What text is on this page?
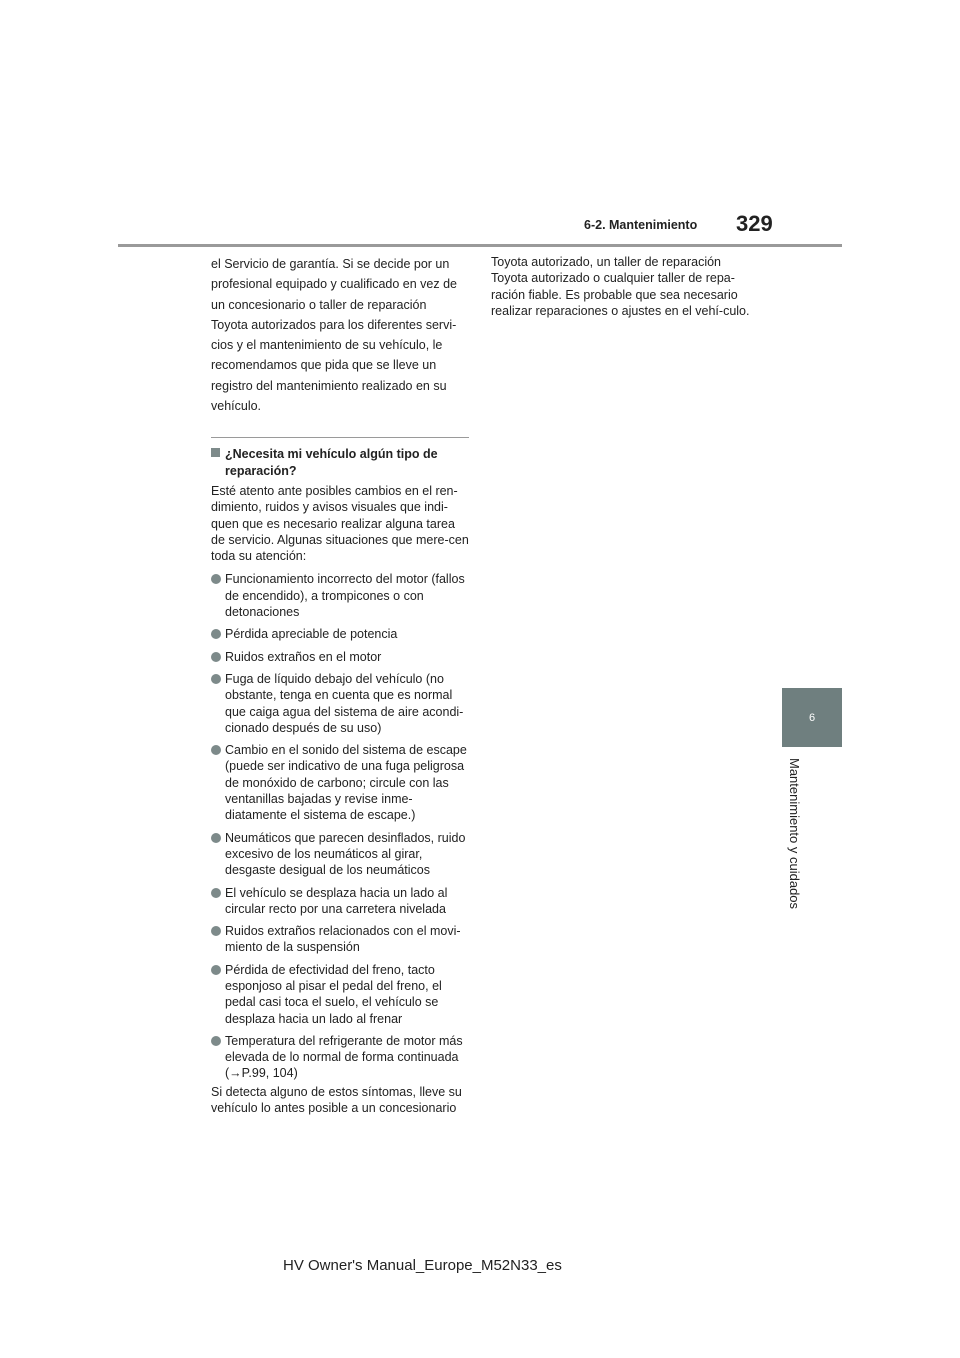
6-2. Mantenimiento 329
6
Mantenimiento y cuidados

el Servicio de garantía. Si se decide por un
profesional equipado y cualificado en vez de
un concesionario o taller de reparación
Toyota autorizados para los diferentes servi-
cios y el mantenimiento de su vehículo, le
recomendamos que pida que se lleve un
registro del mantenimiento realizado en su
vehículo.

¿Necesita mi vehículo algún tipo de reparación?

Esté atento ante posibles cambios en el ren-dimiento, ruidos y avisos visuales que indi-quen que es necesario realizar alguna tarea de servicio. Algunas situaciones que mere-cen toda su atención:

Funcionamiento incorrecto del motor (fallos de encendido), a trompicones o con detonaciones
Pérdida apreciable de potencia
Ruidos extraños en el motor
Fuga de líquido debajo del vehículo (no obstante, tenga en cuenta que es normal que caiga agua del sistema de aire acondi-cionado después de su uso)
Cambio en el sonido del sistema de escape (puede ser indicativo de una fuga peligrosa de monóxido de carbono; circule con las ventanillas bajadas y revise inme-diatamente el sistema de escape.)
Neumáticos que parecen desinflados, ruido excesivo de los neumáticos al girar, desgaste desigual de los neumáticos
El vehículo se desplaza hacia un lado al circular recto por una carretera nivelada
Ruidos extraños relacionados con el movi-miento de la suspensión
Pérdida de efectividad del freno, tacto esponjoso al pisar el pedal del freno, el pedal casi toca el suelo, el vehículo se desplaza hacia un lado al frenar
Temperatura del refrigerante de motor más elevada de lo normal de forma continuada (→P.99, 104)

Si detecta alguno de estos síntomas, lleve su vehículo lo antes posible a un concesionario

Toyota autorizado, un taller de reparación Toyota autorizado o cualquier taller de repa-ración fiable. Es probable que sea necesario realizar reparaciones o ajustes en el vehí-culo.

HV Owner's Manual_Europe_M52N33_es
